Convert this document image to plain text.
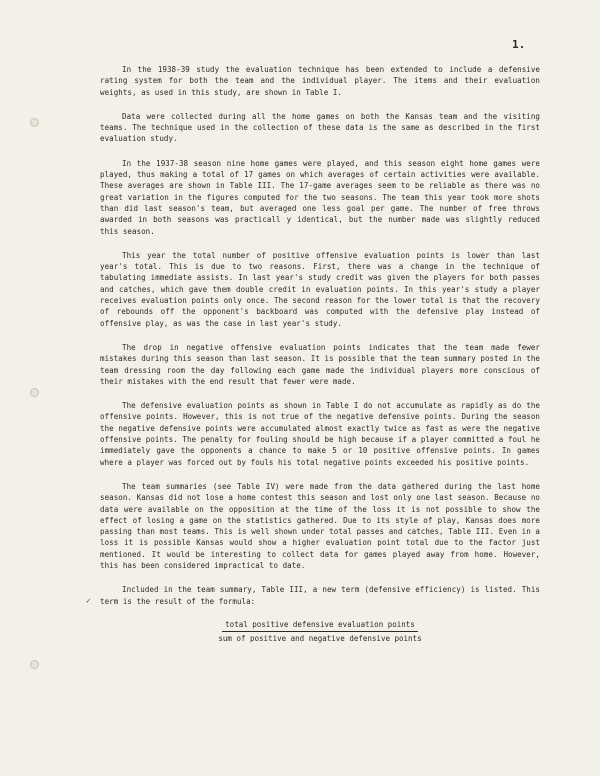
1.

In the 1938-39 study the evaluation technique has been extended to include a defensive rating system for both the team and the individual player. The items and their evaluation weights, as used in this study, are shown in Table I.

Data were collected during all the home games on both the Kansas team and the visiting teams. The technique used in the collection of these data is the same as described in the first evaluation study.

In the 1937-38 season nine home games were played, and this season eight home games were played, thus making a total of 17 games on which averages of certain activities were available. These averages are shown in Table III. The 17-game averages seem to be reliable as there was no great variation in the figures computed for the two seasons. The team this year took more shots than did last season's team, but averaged one less goal per game. The number of free throws awarded in both seasons was practicall y identical, but the number made was slightly reduced this season.

This year the total number of positive offensive evaluation points is lower than last year's total. This is due to two reasons. First, there was a change in the technique of tabulating immediate assists. In last year's study credit was given the players for both passes and catches, which gave them double credit in evaluation points. In this year's study a player receives evaluation points only once. The second reason for the lower total is that the recovery of rebounds off the opponent's backboard was computed with the defensive play instead of offensive play, as was the case in last year's study.

The drop in negative offensive evaluation points indicates that the team made fewer mistakes during this season than last season. It is possible that the team summary posted in the team dressing room the day following each game made the individual players more conscious of their mistakes with the end result that fewer were made.

The defensive evaluation points as shown in Table I do not accumulate as rapidly as do the offensive points. However, this is not true of the negative defensive points. During the season the negative defensive points were accumulated almost exactly twice as fast as were the negative offensive points. The penalty for fouling should be high because if a player committed a foul he immediately gave the opponents a chance to make 5 or 10 positive offensive points. In games where a player was forced out by fouls his total negative points exceeded his positive points.

The team summaries (see Table IV) were made from the data gathered during the last home season. Kansas did not lose a home contest this season and lost only one last season. Because no data were available on the opposition at the time of the loss it is not possible to show the effect of losing a game on the statistics gathered. Due to its style of play, Kansas does more passing than most teams. This is well shown under total passes and catches, Table III. Even in a loss it is possible Kansas would show a higher evaluation point total due to the factor just mentioned. It would be interesting to collect data for games played away from home. However, this has been considered impractical to date.

Included in the team summary, Table III, a new term (defensive efficiency) is listed. This term is the result of the formula:

total positive defensive evaluation points
sum of positive and negative defensive points
✓
